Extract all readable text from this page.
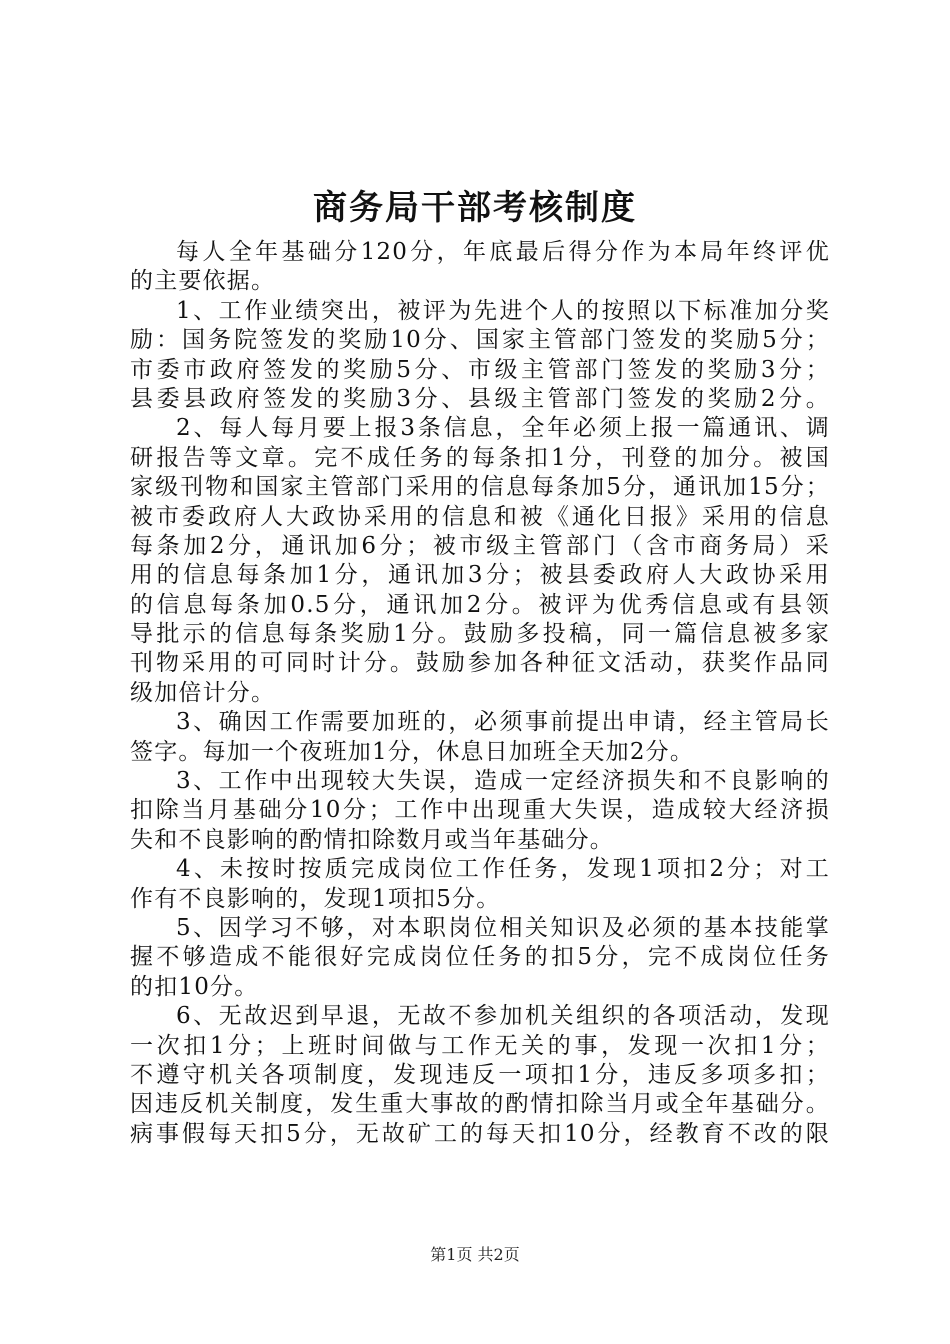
商务局干部考核制度
每人全年基础分120分，年底最后得分作为本局年终评优
的主要依据。
1、工作业绩突出，被评为先进个人的按照以下标准加分奖
励：国务院签发的奖励10分、国家主管部门签发的奖励5分；
市委市政府签发的奖励5分、市级主管部门签发的奖励3分；
县委县政府签发的奖励3分、县级主管部门签发的奖励2分。
2、每人每月要上报3条信息，全年必须上报一篇通讯、调
研报告等文章。完不成任务的每条扣1分，刊登的加分。被国
家级刊物和国家主管部门采用的信息每条加5分，通讯加15分；
被市委政府人大政协采用的信息和被《通化日报》采用的信息
每条加2分，通讯加6分；被市级主管部门（含市商务局）采
用的信息每条加1分，通讯加3分；被县委政府人大政协采用
的信息每条加0.5分，通讯加2分。被评为优秀信息或有县领
导批示的信息每条奖励1分。鼓励多投稿，同一篇信息被多家
刊物采用的可同时计分。鼓励参加各种征文活动，获奖作品同
级加倍计分。
3、确因工作需要加班的，必须事前提出申请，经主管局长
签字。每加一个夜班加1分，休息日加班全天加2分。
3、工作中出现较大失误，造成一定经济损失和不良影响的
扣除当月基础分10分；工作中出现重大失误，造成较大经济损
失和不良影响的酌情扣除数月或当年基础分。
4、未按时按质完成岗位工作任务，发现1项扣2分；对工
作有不良影响的，发现1项扣5分。
5、因学习不够，对本职岗位相关知识及必须的基本技能掌
握不够造成不能很好完成岗位任务的扣5分，完不成岗位任务
的扣10分。
6、无故迟到早退，无故不参加机关组织的各项活动，发现
一次扣1分；上班时间做与工作无关的事，发现一次扣1分；
不遵守机关各项制度，发现违反一项扣1分，违反多项多扣；
因违反机关制度，发生重大事故的酌情扣除当月或全年基础分。
病事假每天扣5分，无故矿工的每天扣10分，经教育不改的限
第1页 共2页
